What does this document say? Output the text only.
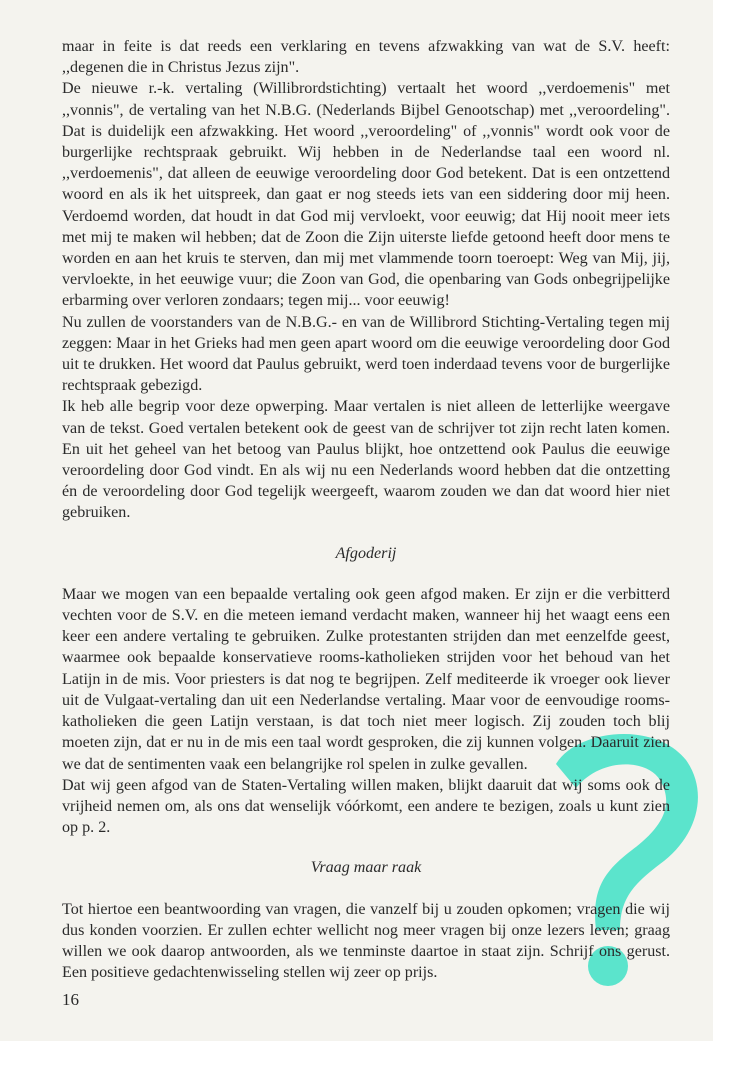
maar in feite is dat reeds een verklaring en tevens afzwakking van wat de S.V. heeft: ,,degenen die in Christus Jezus zijn".

De nieuwe r.-k. vertaling (Willibrordstichting) vertaalt het woord ,,verdoemenis" met ,,vonnis", de vertaling van het N.B.G. (Nederlands Bijbel Genootschap) met ,,veroordeling". Dat is duidelijk een afzwakking. Het woord ,,veroordeling" of ,,vonnis" wordt ook voor de burgerlijke rechtspraak gebruikt. Wij hebben in de Nederlandse taal een woord nl. ,,verdoemenis", dat alleen de eeuwige veroordeling door God betekent. Dat is een ontzettend woord en als ik het uitspreek, dan gaat er nog steeds iets van een siddering door mij heen. Verdoemd worden, dat houdt in dat God mij vervloekt, voor eeuwig; dat Hij nooit meer iets met mij te maken wil hebben; dat de Zoon die Zijn uiterste liefde getoond heeft door mens te worden en aan het kruis te sterven, dan mij met vlammende toorn toeroept: Weg van Mij, jij, vervloekte, in het eeuwige vuur; die Zoon van God, die openbaring van Gods onbegrijpelijke erbarming over verloren zondaars; tegen mij... voor eeuwig!

Nu zullen de voorstanders van de N.B.G.- en van de Willibrord Stichting-Vertaling tegen mij zeggen: Maar in het Grieks had men geen apart woord om die eeuwige veroordeling door God uit te drukken. Het woord dat Paulus gebruikt, werd toen inderdaad tevens voor de burgerlijke rechtspraak gebezigd.

Ik heb alle begrip voor deze opwerping. Maar vertalen is niet alleen de letterlijke weergave van de tekst. Goed vertalen betekent ook de geest van de schrijver tot zijn recht laten komen. En uit het geheel van het betoog van Paulus blijkt, hoe ontzettend ook Paulus die eeuwige veroordeling door God vindt. En als wij nu een Nederlands woord hebben dat die ontzetting én de veroordeling door God tegelijk weergeeft, waarom zouden we dan dat woord hier niet gebruiken.

Afgoderij

Maar we mogen van een bepaalde vertaling ook geen afgod maken. Er zijn er die verbitterd vechten voor de S.V. en die meteen iemand verdacht maken, wanneer hij het waagt eens een keer een andere vertaling te gebruiken. Zulke protestanten strijden dan met eenzelfde geest, waarmee ook bepaalde konservatieve rooms-katholieken strijden voor het behoud van het Latijn in de mis. Voor priesters is dat nog te begrijpen. Zelf mediteerde ik vroeger ook liever uit de Vulgaat-vertaling dan uit een Nederlandse vertaling. Maar voor de eenvoudige rooms-katholieken die geen Latijn verstaan, is dat toch niet meer logisch. Zij zouden toch blij moeten zijn, dat er nu in de mis een taal wordt gesproken, die zij kunnen volgen. Daaruit zien we dat de sentimenten vaak een belangrijke rol spelen in zulke gevallen.

Dat wij geen afgod van de Staten-Vertaling willen maken, blijkt daaruit dat wij soms ook de vrijheid nemen om, als ons dat wenselijk vóórkomt, een andere te bezigen, zoals u kunt zien op p. 2.

Vraag maar raak

Tot hiertoe een beantwoording van vragen, die vanzelf bij u zouden opkomen; vragen die wij dus konden voorzien. Er zullen echter wellicht nog meer vragen bij onze lezers leven; graag willen we ook daarop antwoorden, als we tenminste daartoe in staat zijn. Schrijf ons gerust. Een positieve gedachtenwisseling stellen wij zeer op prijs.

16
